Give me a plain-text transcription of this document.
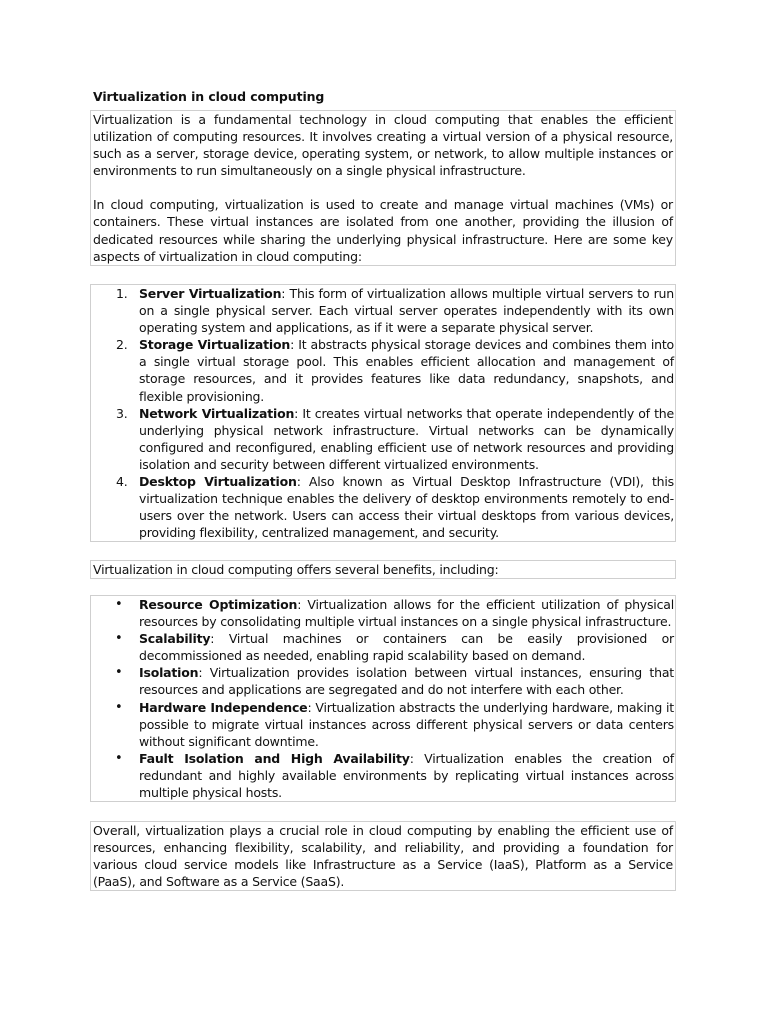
Virtualization in cloud computing

Virtualization is a fundamental technology in cloud computing that enables the efficient utilization of computing resources. It involves creating a virtual version of a physical resource, such as a server, storage device, operating system, or network, to allow multiple instances or environments to run simultaneously on a single physical infrastructure.

In cloud computing, virtualization is used to create and manage virtual machines (VMs) or containers. These virtual instances are isolated from one another, providing the illusion of dedicated resources while sharing the underlying physical infrastructure. Here are some key aspects of virtualization in cloud computing:

1. Server Virtualization: This form of virtualization allows multiple virtual servers to run on a single physical server. Each virtual server operates independently with its own operating system and applications, as if it were a separate physical server.
2. Storage Virtualization: It abstracts physical storage devices and combines them into a single virtual storage pool. This enables efficient allocation and management of storage resources, and it provides features like data redundancy, snapshots, and flexible provisioning.
3. Network Virtualization: It creates virtual networks that operate independently of the underlying physical network infrastructure. Virtual networks can be dynamically configured and reconfigured, enabling efficient use of network resources and providing isolation and security between different virtualized environments.
4. Desktop Virtualization: Also known as Virtual Desktop Infrastructure (VDI), this virtualization technique enables the delivery of desktop environments remotely to end-users over the network. Users can access their virtual desktops from various devices, providing flexibility, centralized management, and security.

Virtualization in cloud computing offers several benefits, including:

• Resource Optimization: Virtualization allows for the efficient utilization of physical resources by consolidating multiple virtual instances on a single physical infrastructure.
• Scalability: Virtual machines or containers can be easily provisioned or decommissioned as needed, enabling rapid scalability based on demand.
• Isolation: Virtualization provides isolation between virtual instances, ensuring that resources and applications are segregated and do not interfere with each other.
• Hardware Independence: Virtualization abstracts the underlying hardware, making it possible to migrate virtual instances across different physical servers or data centers without significant downtime.
• Fault Isolation and High Availability: Virtualization enables the creation of redundant and highly available environments by replicating virtual instances across multiple physical hosts.

Overall, virtualization plays a crucial role in cloud computing by enabling the efficient use of resources, enhancing flexibility, scalability, and reliability, and providing a foundation for various cloud service models like Infrastructure as a Service (IaaS), Platform as a Service (PaaS), and Software as a Service (SaaS).
